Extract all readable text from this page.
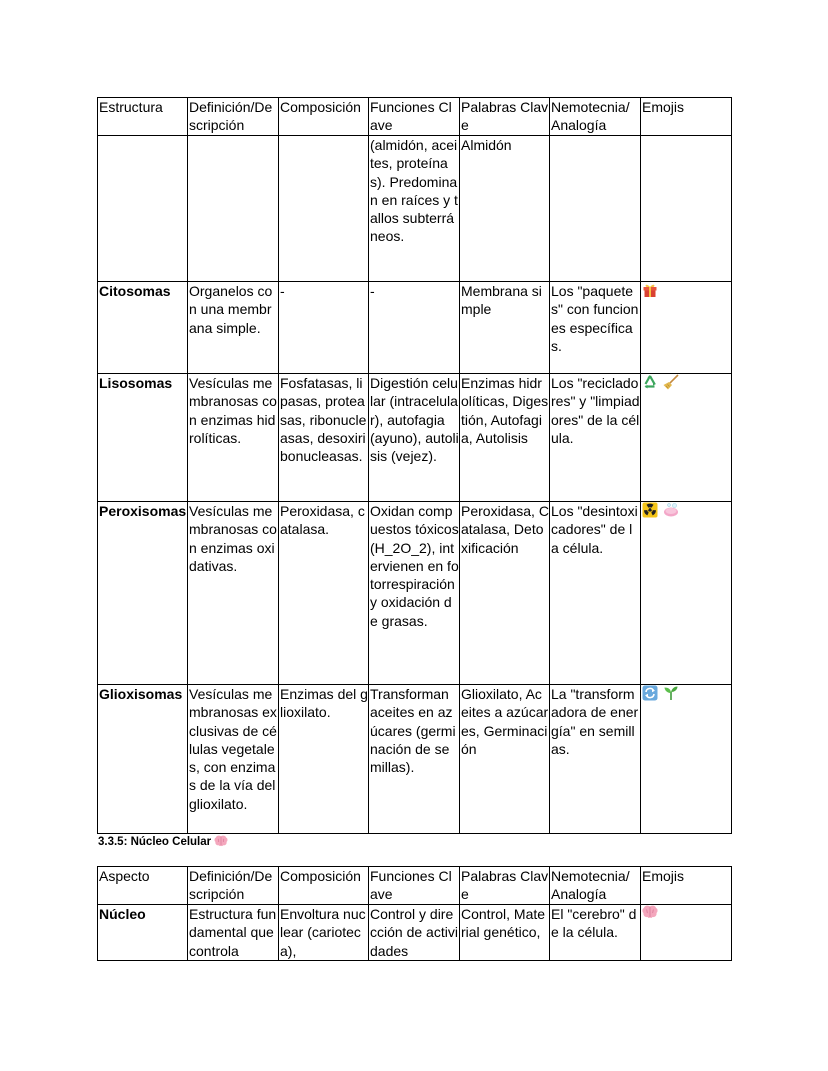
Estructura	Definición/Descripción	Composición	Funciones Clave	Palabras Clave	Nemotecnia/ Analogía	Emojis
			(almidón, aceites, proteínas). Predominan en raíces y tallos subterráneos.	Almidón		
Citosomas	Organelos con una membrana simple.	-	-	Membrana simple	Los "paquetes" con funciones específicas.	

Lisosomas	Vesículas membranosas con enzimas hidrolíticas.	Fosfatasas, lipasas, proteasas, ribonucleasas, desoxiribonucleasas.	Digestión celular (intracelular), autofagia (ayuno), autolisis (vejez).	Enzimas hidrolíticas, Digestión, Autofagia, Autolisis	Los "recicladores" y "limpiadores" de la célula.	

Peroxisomas	Vesículas membranosas con enzimas oxidativas.	Peroxidasa, catalasa.	Oxidan compuestos tóxicos (H_2O_2), intervienen en fotorrespiración y oxidación de grasas.	Peroxidasa, Catalasa, Detoxificación	Los "desintoxicadores" de la célula.	

Glioxisomas	Vesículas membranosas exclusivas de células vegetales, con enzimas de la vía del glioxilato.	Enzimas del glioxilato.	Transforman aceites en azúcares (germinación de semillas).	Glioxilato, Aceites a azúcares, Germinación	La "transformadora de energía" en semillas.	

3.3.5: Núcleo Celular
Aspecto	Definición/Descripción	Composición	Funciones Clave	Palabras Clave	Nemotecnia/ Analogía	Emojis
Núcleo	Estructura fundamental que controla	Envoltura nuclear (carioteca),	Control y dirección de actividades	Control, Material genético,	El "cerebro" de la célula.	
